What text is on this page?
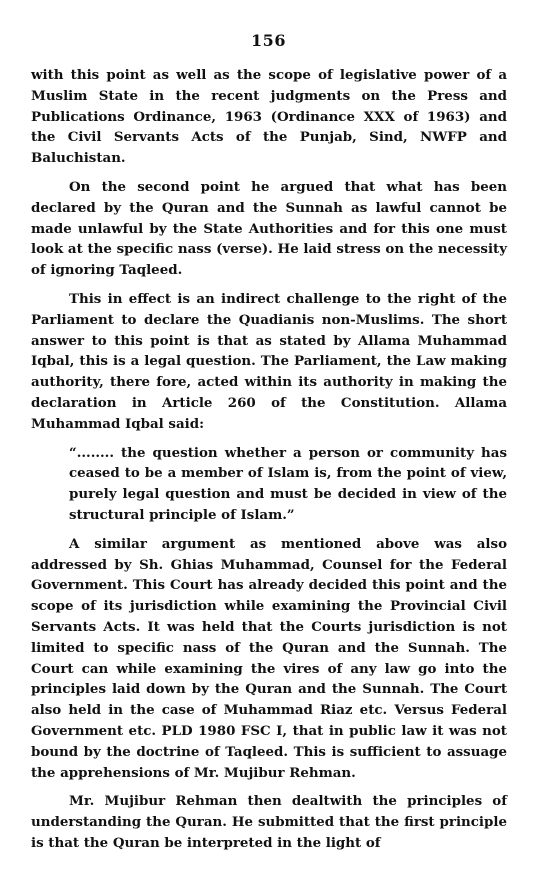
156

with this point as well as the scope of legislative power of a Muslim State in the recent judgments on the Press and Publications Ordinance, 1963 (Ordinance XXX of 1963) and the Civil Servants Acts of the Punjab, Sind, NWFP and Baluchistan.

On the second point he argued that what has been declared by the Quran and the Sunnah as lawful cannot be made unlawful by the State Authorities and for this one must look at the specific nass (verse). He laid stress on the necessity of ignoring Taqleed.

This in effect is an indirect challenge to the right of the Parliament to declare the Quadianis non-Muslims. The short answer to this point is that as stated by Allama Muhammad Iqbal, this is a legal question. The Parliament, the Law making authority, there fore, acted within its authority in making the declaration in Article 260 of the Constitution. Allama Muhammad Iqbal said:

“........ the question whether a person or community has ceased to be a member of Islam is, from the point of view, purely legal question and must be decided in view of the structural principle of Islam.”

A similar argument as mentioned above was also addressed by Sh. Ghias Muhammad, Counsel for the Federal Government. This Court has already decided this point and the scope of its jurisdiction while examining the Provincial Civil Servants Acts. It was held that the Courts jurisdiction is not limited to specific nass of the Quran and the Sunnah. The Court can while examining the vires of any law go into the principles laid down by the Quran and the Sunnah. The Court also held in the case of Muhammad Riaz etc. Versus Federal Government etc. PLD 1980 FSC I, that in public law it was not bound by the doctrine of Taqleed. This is sufficient to assuage the apprehensions of Mr. Mujibur Rehman.

Mr. Mujibur Rehman then dealtwith the principles of understanding the Quran. He submitted that the first principle is that the Quran be interpreted in the light of
